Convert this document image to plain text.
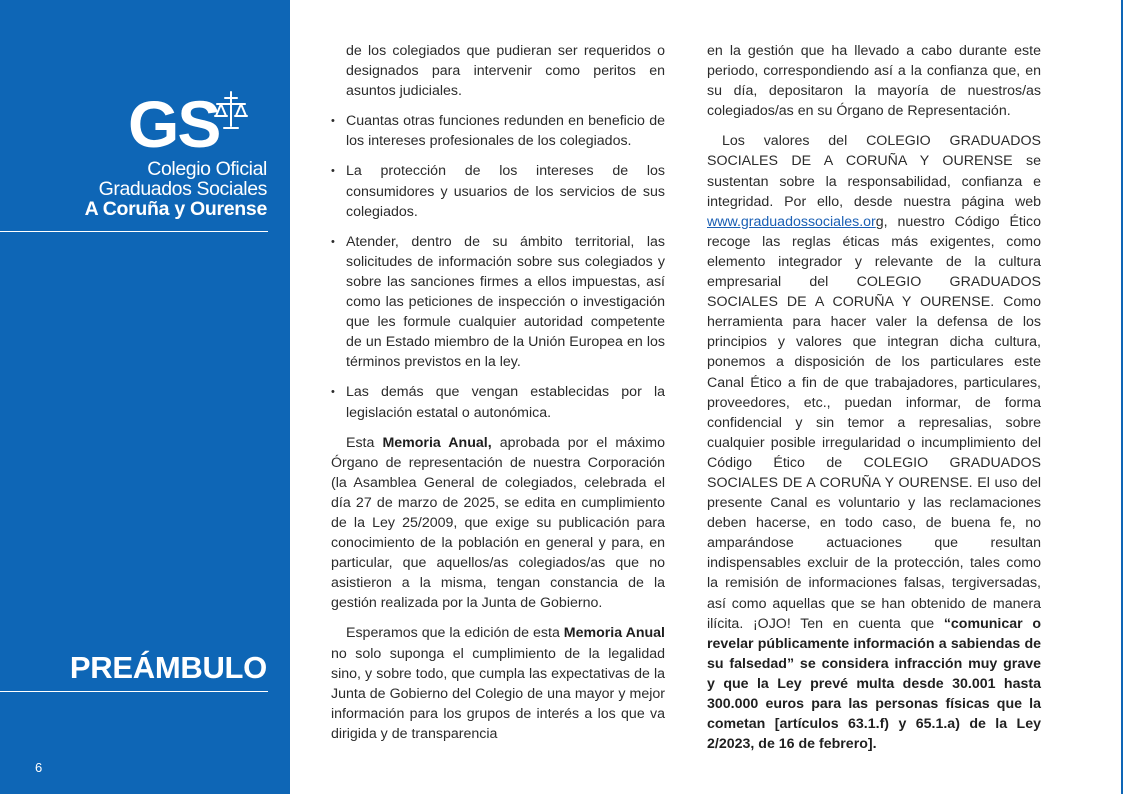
GS
Colegio Oficial
Graduados Sociales
A Coruña y Ourense
PREÁMBULO
6

de los colegiados que pudieran ser requeridos o designados para intervenir como peritos en asuntos judiciales.

• Cuantas otras funciones redunden en beneficio de los intereses profesionales de los colegiados.
• La protección de los intereses de los consumidores y usuarios de los servicios de sus colegiados.
• Atender, dentro de su ámbito territorial, las solicitudes de información sobre sus colegiados y sobre las sanciones firmes a ellos impuestas, así como las peticiones de inspección o investigación que les formule cualquier autoridad competente de un Estado miembro de la Unión Europea en los términos previstos en la ley.
• Las demás que vengan establecidas por la legislación estatal o autonómica.

Esta Memoria Anual, aprobada por el máximo Órgano de representación de nuestra Corporación (la Asamblea General de colegiados, celebrada el día 27 de marzo de 2025, se edita en cumplimiento de la Ley 25/2009, que exige su publicación para conocimiento de la población en general y para, en particular, que aquellos/as colegiados/as que no asistieron a la misma, tengan constancia de la gestión realizada por la Junta de Gobierno.

Esperamos que la edición de esta Memoria Anual no solo suponga el cumplimiento de la legalidad sino, y sobre todo, que cumpla las expectativas de la Junta de Gobierno del Colegio de una mayor y mejor información para los grupos de interés a los que va dirigida y de transparencia

en la gestión que ha llevado a cabo durante este periodo, correspondiendo así a la confianza que, en su día, depositaron la mayoría de nuestros/as colegiados/as en su Órgano de Representación.

Los valores del COLEGIO GRADUADOS SOCIALES DE A CORUÑA Y OURENSE se sustentan sobre la responsabilidad, confianza e integridad. Por ello, desde nuestra página web www.graduadossociales.org, nuestro Código Ético recoge las reglas éticas más exigentes, como elemento integrador y relevante de la cultura empresarial del COLEGIO GRADUADOS SOCIALES DE A CORUÑA Y OURENSE. Como herramienta para hacer valer la defensa de los principios y valores que integran dicha cultura, ponemos a disposición de los particulares este Canal Ético a fin de que trabajadores, particulares, proveedores, etc., puedan informar, de forma confidencial y sin temor a represalias, sobre cualquier posible irregularidad o incumplimiento del Código Ético de COLEGIO GRADUADOS SOCIALES DE A CORUÑA Y OURENSE. El uso del presente Canal es voluntario y las reclamaciones deben hacerse, en todo caso, de buena fe, no amparándose actuaciones que resultan indispensables excluir de la protección, tales como la remisión de informaciones falsas, tergiversadas, así como aquellas que se han obtenido de manera ilícita. ¡OJO! Ten en cuenta que “comunicar o revelar públicamente información a sabiendas de su falsedad” se considera infracción muy grave y que la Ley prevé multa desde 30.001 hasta 300.000 euros para las personas físicas que la cometan [artículos 63.1.f) y 65.1.a) de la Ley 2/2023, de 16 de febrero].
